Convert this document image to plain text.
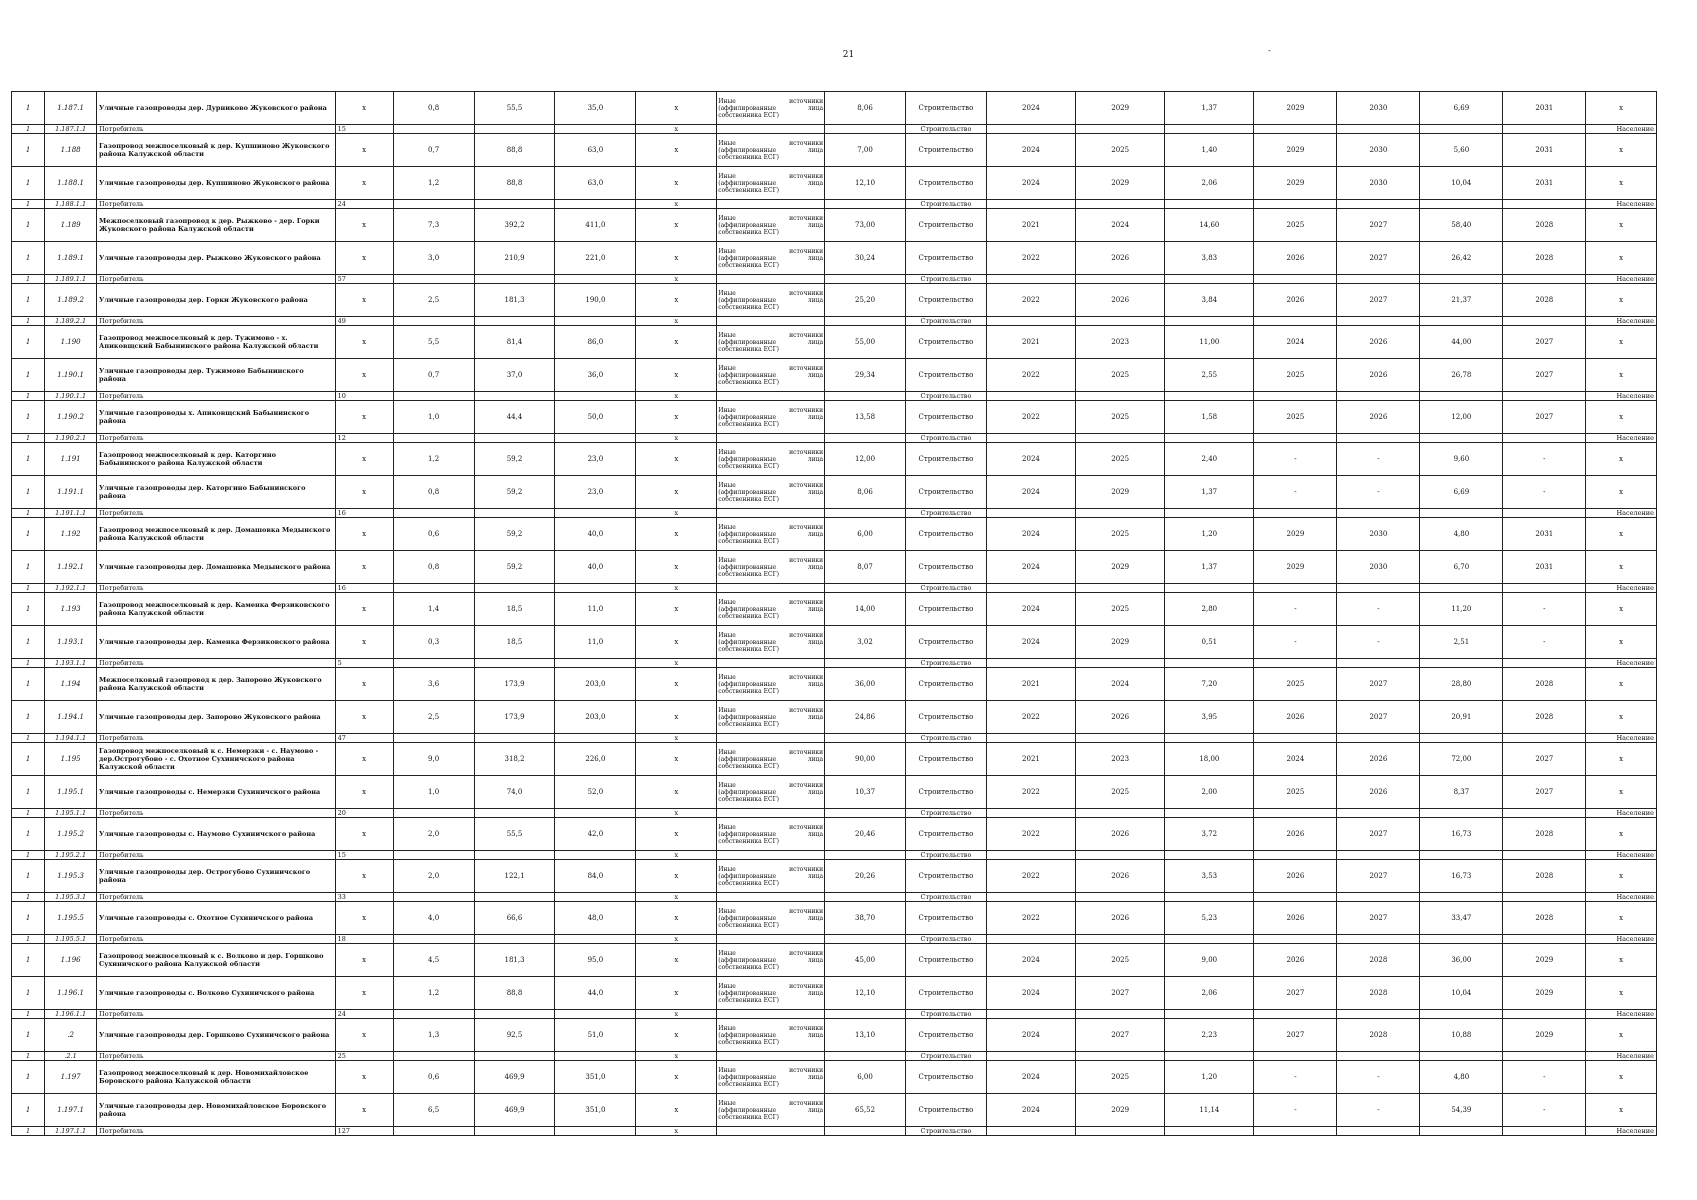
21	-
1	1.187.1	Уличные газопроводы дер. Дурниково Жуковского района	x	0,8	55,5	35,0	x	Иные источники
(аффилированные лица
собственника ЕСГ)	8,06	Строительство	2024	2029	1,37	2029	2030	6,69	2031	x
1	1.187.1.1	Потребитель	15				x			Строительство								Население
1	1.188	Газопровод межпоселковый к дер. Купшиново Жуковского района Калужской области	x	0,7	88,8	63,0	x	Иные источники
(аффилированные лица
собственника ЕСГ)	7,00	Строительство	2024	2025	1,40	2029	2030	5,60	2031	x
1	1.188.1	Уличные газопроводы дер. Купшиново Жуковского района	x	1,2	88,8	63,0	x	Иные источники
(аффилированные лица
собственника ЕСГ)	12,10	Строительство	2024	2029	2,06	2029	2030	10,04	2031	x
1	1.188.1.1	Потребитель	24				x			Строительство								Население
1	1.189	Межпоселковый газопровод к дер. Рыжково - дер. Горки Жуковского района Калужской области	x	7,3	392,2	411,0	x	Иные источники
(аффилированные лица
собственника ЕСГ)	73,00	Строительство	2021	2024	14,60	2025	2027	58,40	2028	x
1	1.189.1	Уличные газопроводы дер. Рыжково Жуковского района	x	3,0	210,9	221,0	x	Иные источники
(аффилированные лица
собственника ЕСГ)	30,24	Строительство	2022	2026	3,83	2026	2027	26,42	2028	x
1	1.189.1.1	Потребитель	57				x			Строительство								Население
1	1.189.2	Уличные газопроводы дер. Горки Жуковского района	x	2,5	181,3	190,0	x	Иные источники
(аффилированные лица
собственника ЕСГ)	25,20	Строительство	2022	2026	3,84	2026	2027	21,37	2028	x
1	1.189.2.1	Потребитель	49				x			Строительство								Население
1	1.190	Газопровод межпоселковый к дер. Тужимово - х. Апиковщский Бабынинского района Калужской области	x	5,5	81,4	86,0	x	Иные источники
(аффилированные лица
собственника ЕСГ)	55,00	Строительство	2021	2023	11,00	2024	2026	44,00	2027	x
1	1.190.1	Уличные газопроводы дер. Тужимово Бабынинского района	x	0,7	37,0	36,0	x	Иные источники
(аффилированные лица
собственника ЕСГ)	29,34	Строительство	2022	2025	2,55	2025	2026	26,78	2027	x
1	1.190.1.1	Потребитель	10				x			Строительство								Население
1	1.190.2	Уличные газопроводы х. Апиковщский Бабынинского района	x	1,0	44,4	50,0	x	Иные источники
(аффилированные лица
собственника ЕСГ)	13,58	Строительство	2022	2025	1,58	2025	2026	12,00	2027	x
1	1.190.2.1	Потребитель	12				x			Строительство								Население
1	1.191	Газопровод межпоселковый к дер. Каторгино Бабынинского района Калужской области	x	1,2	59,2	23,0	x	Иные источники
(аффилированные лица
собственника ЕСГ)	12,00	Строительство	2024	2025	2,40	-	-	9,60	-	x
1	1.191.1	Уличные газопроводы дер. Каторгино Бабынинского района	x	0,8	59,2	23,0	x	Иные источники
(аффилированные лица
собственника ЕСГ)	8,06	Строительство	2024	2029	1,37	-	-	6,69	-	x
1	1.191.1.1	Потребитель	16				x			Строительство								Население
1	1.192	Газопровод межпоселковый к дер. Домашовка Медынского района Калужской области	x	0,6	59,2	40,0	x	Иные источники
(аффилированные лица
собственника ЕСГ)	6,00	Строительство	2024	2025	1,20	2029	2030	4,80	2031	x
1	1.192.1	Уличные газопроводы дер. Домашовка Медынского района	x	0,8	59,2	40,0	x	Иные источники
(аффилированные лица
собственника ЕСГ)	8,07	Строительство	2024	2029	1,37	2029	2030	6,70	2031	x
1	1.192.1.1	Потребитель	16				x			Строительство								Население
1	1.193	Газопровод межпоселковый к дер. Каменка Ферзиковского района Калужской области	x	1,4	18,5	11,0	x	Иные источники
(аффилированные лица
собственника ЕСГ)	14,00	Строительство	2024	2025	2,80	-	-	11,20	-	x
1	1.193.1	Уличные газопроводы дер. Каменка Ферзиковского района	x	0,3	18,5	11,0	x	Иные источники
(аффилированные лица
собственника ЕСГ)	3,02	Строительство	2024	2029	0,51	-	-	2,51	-	x
1	1.193.1.1	Потребитель	5				x			Строительство								Население
1	1.194	Межпоселковый газопровод к дер. Запорово Жуковского района Калужской области	x	3,6	173,9	203,0	x	Иные источники
(аффилированные лица
собственника ЕСГ)	36,00	Строительство	2021	2024	7,20	2025	2027	28,80	2028	x
1	1.194.1	Уличные газопроводы дер. Запорово Жуковского района	x	2,5	173,9	203,0	x	Иные источники
(аффилированные лица
собственника ЕСГ)	24,86	Строительство	2022	2026	3,95	2026	2027	20,91	2028	x
1	1.194.1.1	Потребитель	47				x			Строительство								Население
1	1.195	Газопровод межпоселковый к с. Немерзки - с. Наумово - дер.Острогубово - с. Охотное Сухиничского района Калужской области	x	9,0	318,2	226,0	x	Иные источники
(аффилированные лица
собственника ЕСГ)	90,00	Строительство	2021	2023	18,00	2024	2026	72,00	2027	x
1	1.195.1	Уличные газопроводы с. Немерзки Сухиничского района	x	1,0	74,0	52,0	x	Иные источники
(аффилированные лица
собственника ЕСГ)	10,37	Строительство	2022	2025	2,00	2025	2026	8,37	2027	x
1	1.195.1.1	Потребитель	20				x			Строительство								Население
1	1.195.2	Уличные газопроводы с. Наумово Сухиничского района	x	2,0	55,5	42,0	x	Иные источники
(аффилированные лица
собственника ЕСГ)	20,46	Строительство	2022	2026	3,72	2026	2027	16,73	2028	x
1	1.195.2.1	Потребитель	15				x			Строительство								Население
1	1.195.3	Уличные газопроводы дер. Острогубово Сухиничского района	x	2,0	122,1	84,0	x	Иные источники
(аффилированные лица
собственника ЕСГ)	20,26	Строительство	2022	2026	3,53	2026	2027	16,73	2028	x
1	1.195.3.1	Потребитель	33				x			Строительство								Население
1	1.195.5	Уличные газопроводы с. Охотное Сухиничского района	x	4,0	66,6	48,0	x	Иные источники
(аффилированные лица
собственника ЕСГ)	38,70	Строительство	2022	2026	5,23	2026	2027	33,47	2028	x
1	1.195.5.1	Потребитель	18				x			Строительство								Население
1	1.196	Газопровод межпоселковый к с. Волково и дер. Горшково Сухиничского района Калужской области	x	4,5	181,3	95,0	x	Иные источники
(аффилированные лица
собственника ЕСГ)	45,00	Строительство	2024	2025	9,00	2026	2028	36,00	2029	x
1	1.196.1	Уличные газопроводы с. Волково Сухиничского района	x	1,2	88,8	44,0	x	Иные источники
(аффилированные лица
собственника ЕСГ)	12,10	Строительство	2024	2027	2,06	2027	2028	10,04	2029	x
1	1.196.1.1	Потребитель	24				x			Строительство								Население
1	.2	Уличные газопроводы дер. Горшково Сухиничского района	x	1,3	92,5	51,0	x	Иные источники
(аффилированные лица
собственника ЕСГ)	13,10	Строительство	2024	2027	2,23	2027	2028	10,88	2029	x
1	.2.1	Потребитель	25				x			Строительство								Население
1	1.197	Газопровод межпоселковый к дер. Новомихайловское Боровского района Калужской области	x	0,6	469,9	351,0	x	Иные источники
(аффилированные лица
собственника ЕСГ)	6,00	Строительство	2024	2025	1,20	-	-	4,80	-	x
1	1.197.1	Уличные газопроводы дер. Новомихайловское Боровского района	x	6,5	469,9	351,0	x	Иные источники
(аффилированные лица
собственника ЕСГ)	65,52	Строительство	2024	2029	11,14	-	-	54,39	-	x
1	1.197.1.1	Потребитель	127				x			Строительство								Население
